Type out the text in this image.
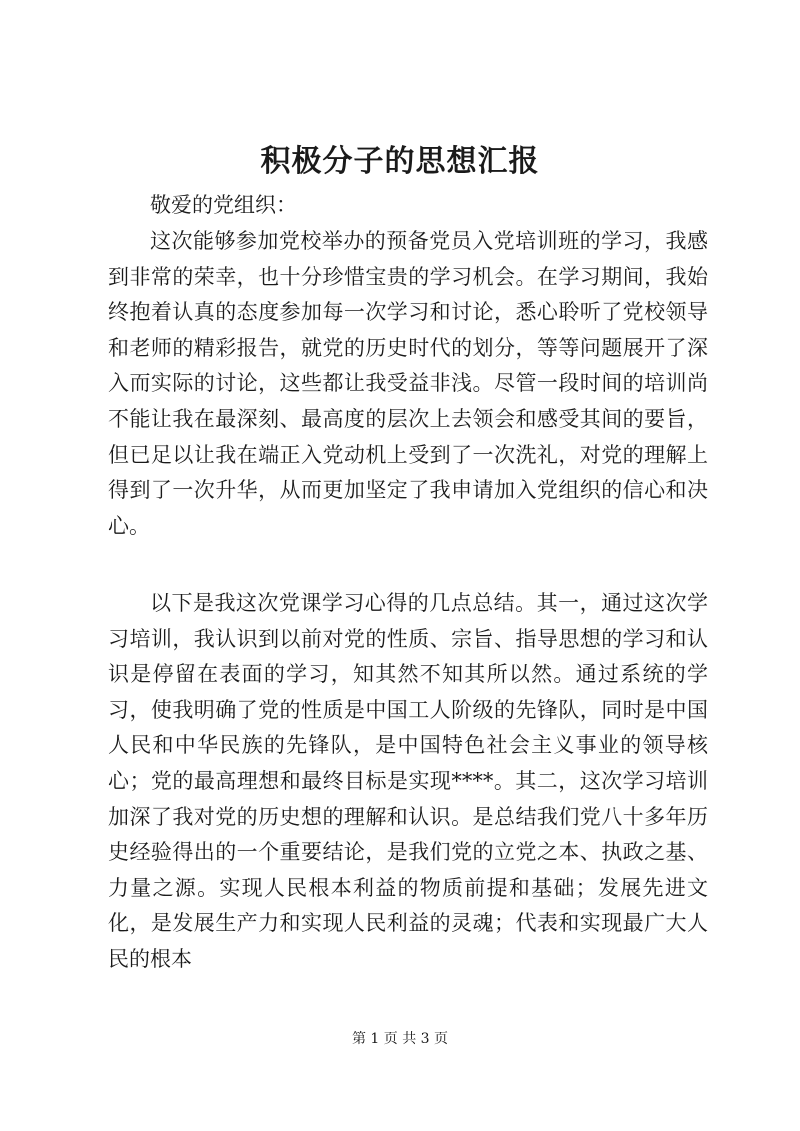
积极分子的思想汇报

敬爱的党组织：

这次能够参加党校举办的预备党员入党培训班的学习，我感到非常的荣幸，也十分珍惜宝贵的学习机会。在学习期间，我始终抱着认真的态度参加每一次学习和讨论，悉心聆听了党校领导和老师的精彩报告，就党的历史时代的划分，等等问题展开了深入而实际的讨论，这些都让我受益非浅。尽管一段时间的培训尚不能让我在最深刻、最高度的层次上去领会和感受其间的要旨，但已足以让我在端正入党动机上受到了一次洗礼，对党的理解上得到了一次升华，从而更加坚定了我申请加入党组织的信心和决心。

以下是我这次党课学习心得的几点总结。其一，通过这次学习培训，我认识到以前对党的性质、宗旨、指导思想的学习和认识是停留在表面的学习，知其然不知其所以然。通过系统的学习，使我明确了党的性质是中国工人阶级的先锋队，同时是中国人民和中华民族的先锋队，是中国特色社会主义事业的领导核心；党的最高理想和最终目标是实现****。其二，这次学习培训加深了我对党的历史想的理解和认识。是总结我们党八十多年历史经验得出的一个重要结论，是我们党的立党之本、执政之基、力量之源。实现人民根本利益的物质前提和基础；发展先进文化，是发展生产力和实现人民利益的灵魂；代表和实现最广大人民的根本

第 1 页 共 3 页
